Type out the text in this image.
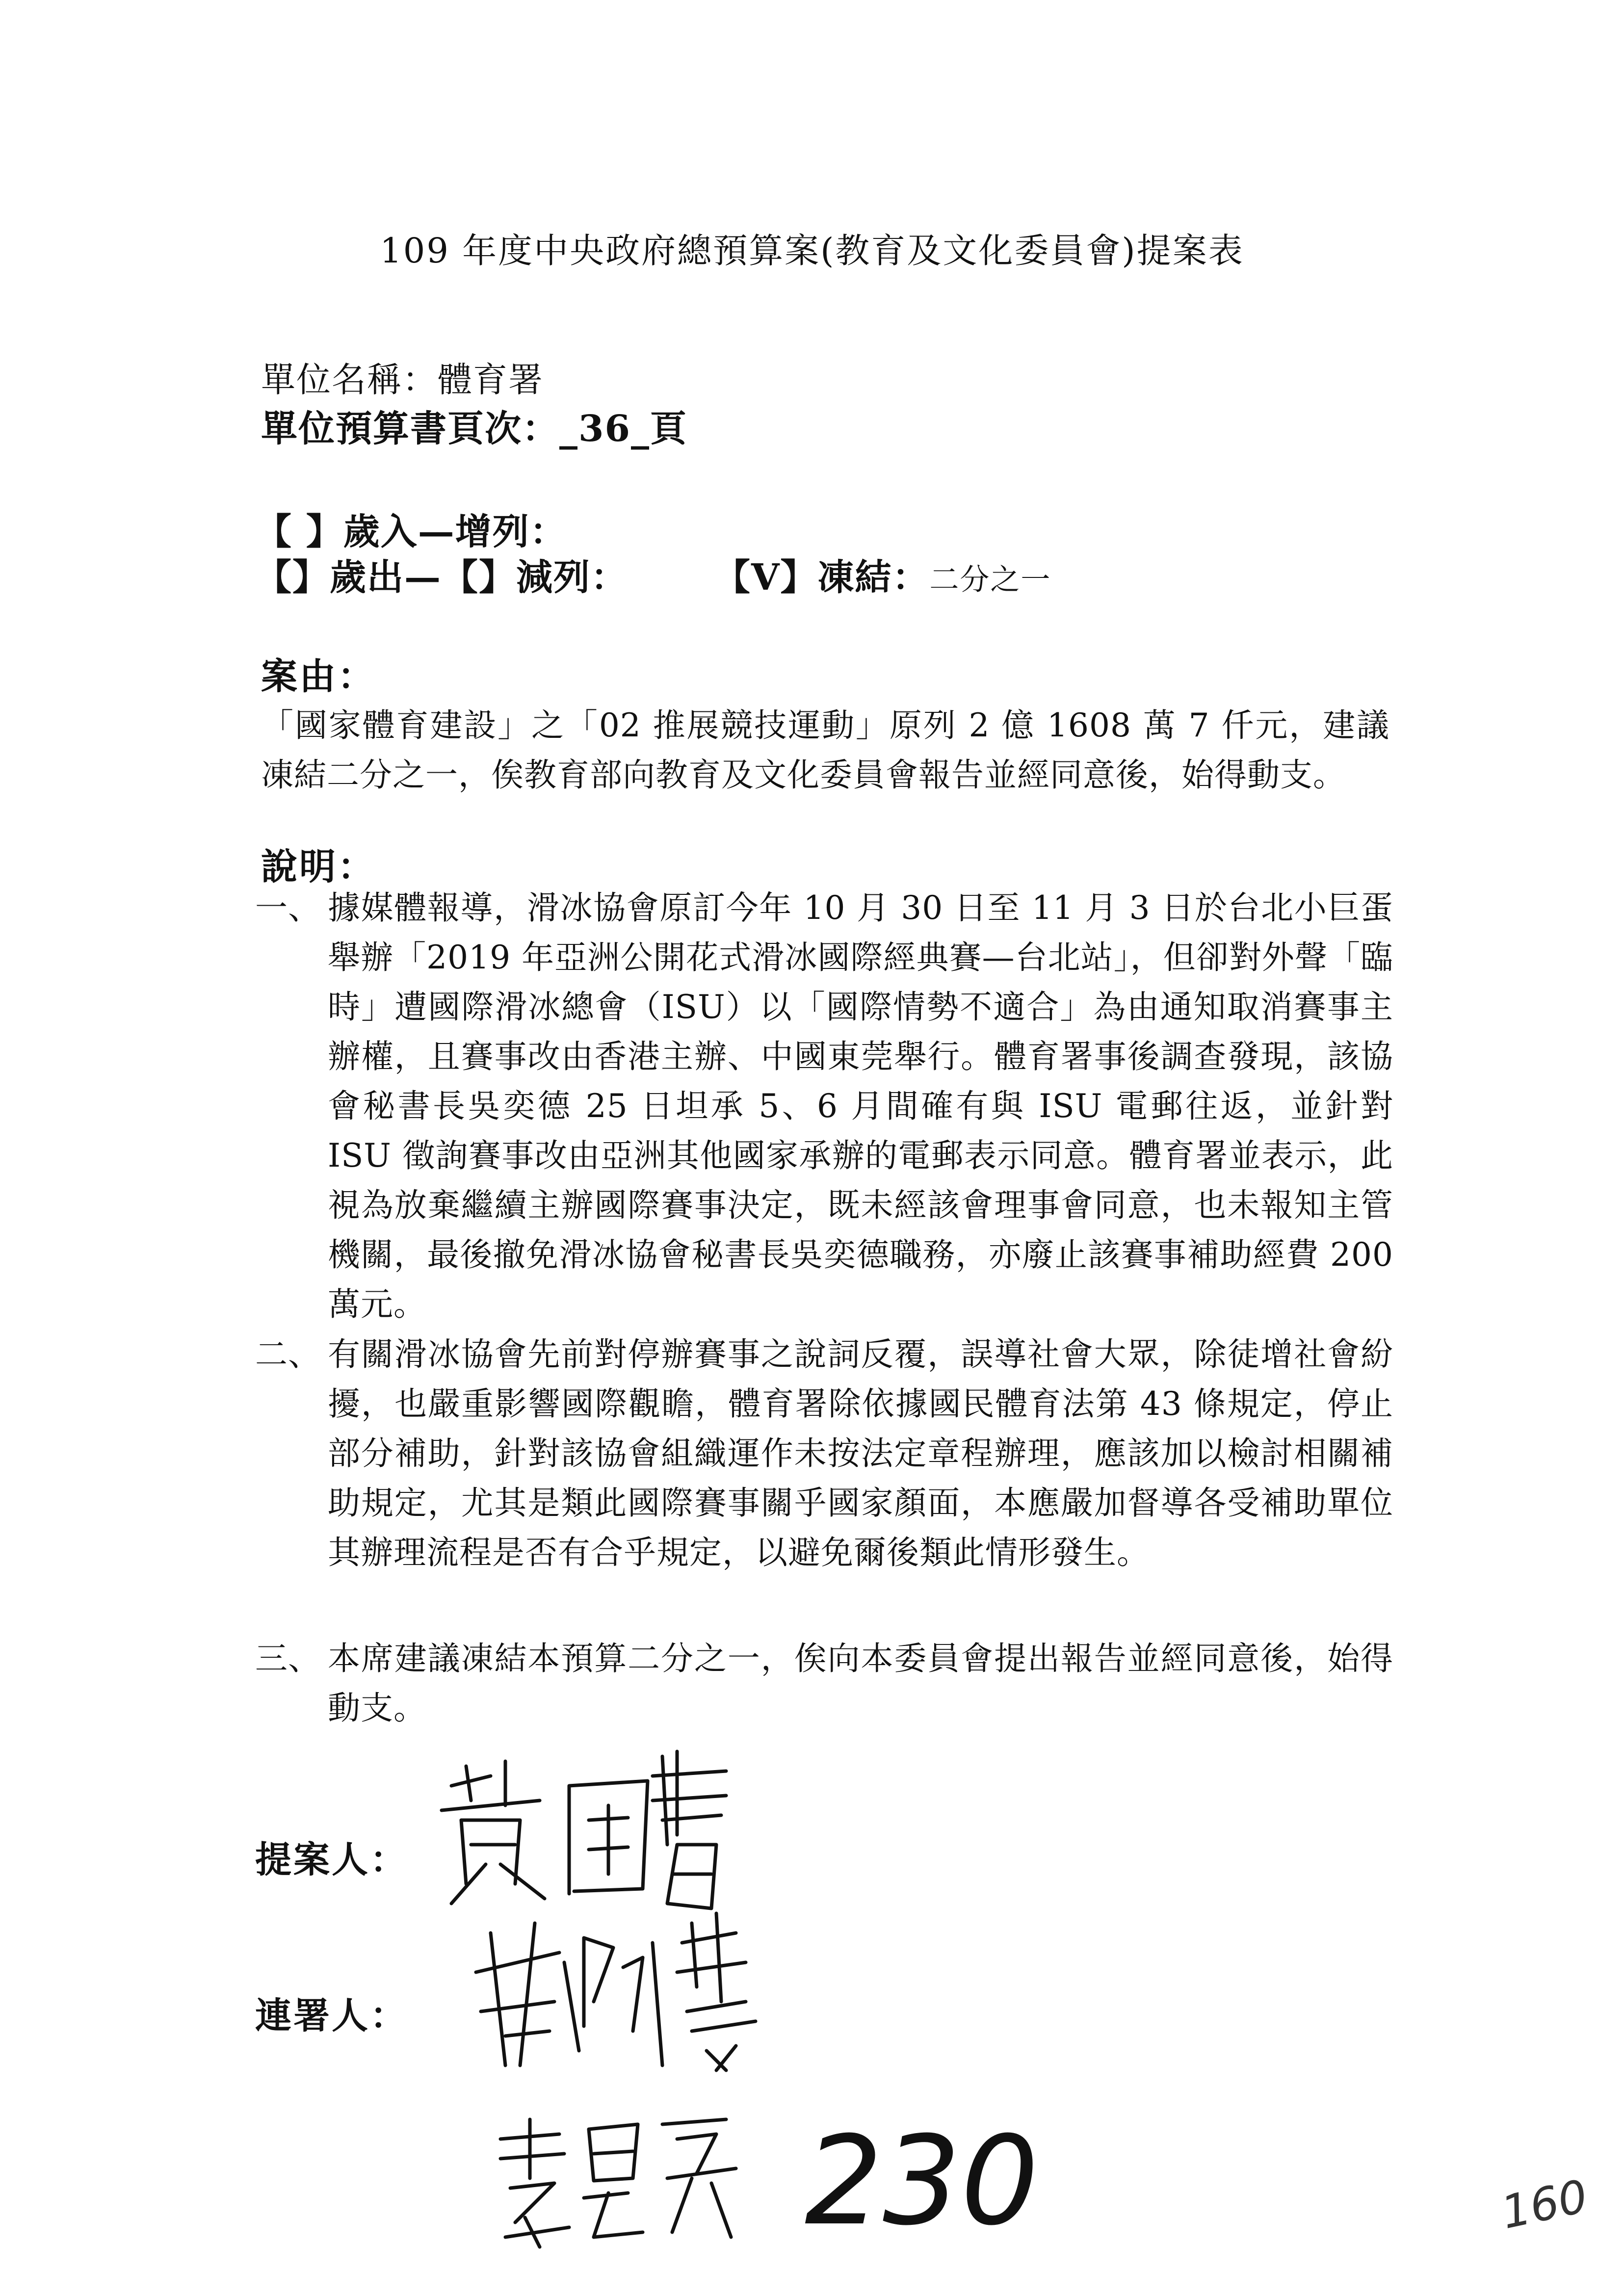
109 年度中央政府總預算案(教育及文化委員會)提案表
單位名稱：體育署
單位預算書頁次：_36_頁
【 】歲入—增列：
【】歲出—【】減列： 【V】凍結：二分之一
案由：
「國家體育建設」之「02 推展競技運動」原列 2 億 1608 萬 7 仟元，建議凍結二分之一，俟教育部向教育及文化委員會報告並經同意後，始得動支。
說明：
一、 據媒體報導，滑冰協會原訂今年 10 月 30 日至 11 月 3 日於台北小巨蛋舉辦「2019 年亞洲公開花式滑冰國際經典賽—台北站」，但卻對外聲「臨時」遭國際滑冰總會（ISU）以「國際情勢不適合」為由通知取消賽事主辦權，且賽事改由香港主辦、中國東莞舉行。體育署事後調查發現，該協會秘書長吳奕德 25 日坦承 5、6 月間確有與 ISU 電郵往返，並針對 ISU 徵詢賽事改由亞洲其他國家承辦的電郵表示同意。體育署並表示，此視為放棄繼續主辦國際賽事決定，既未經該會理事會同意，也未報知主管機關，最後撤免滑冰協會秘書長吳奕德職務，亦廢止該賽事補助經費 200 萬元。
二、 有關滑冰協會先前對停辦賽事之說詞反覆，誤導社會大眾，除徒增社會紛擾，也嚴重影響國際觀瞻，體育署除依據國民體育法第 43 條規定，停止部分補助，針對該協會組織運作未按法定章程辦理，應該加以檢討相關補助規定，尤其是類此國際賽事關乎國家顏面，本應嚴加督導各受補助單位其辦理流程是否有合乎規定，以避免爾後類此情形發生。
三、 本席建議凍結本預算二分之一，俟向本委員會提出報告並經同意後，始得動支。
提案人：
連署人：
230	160
